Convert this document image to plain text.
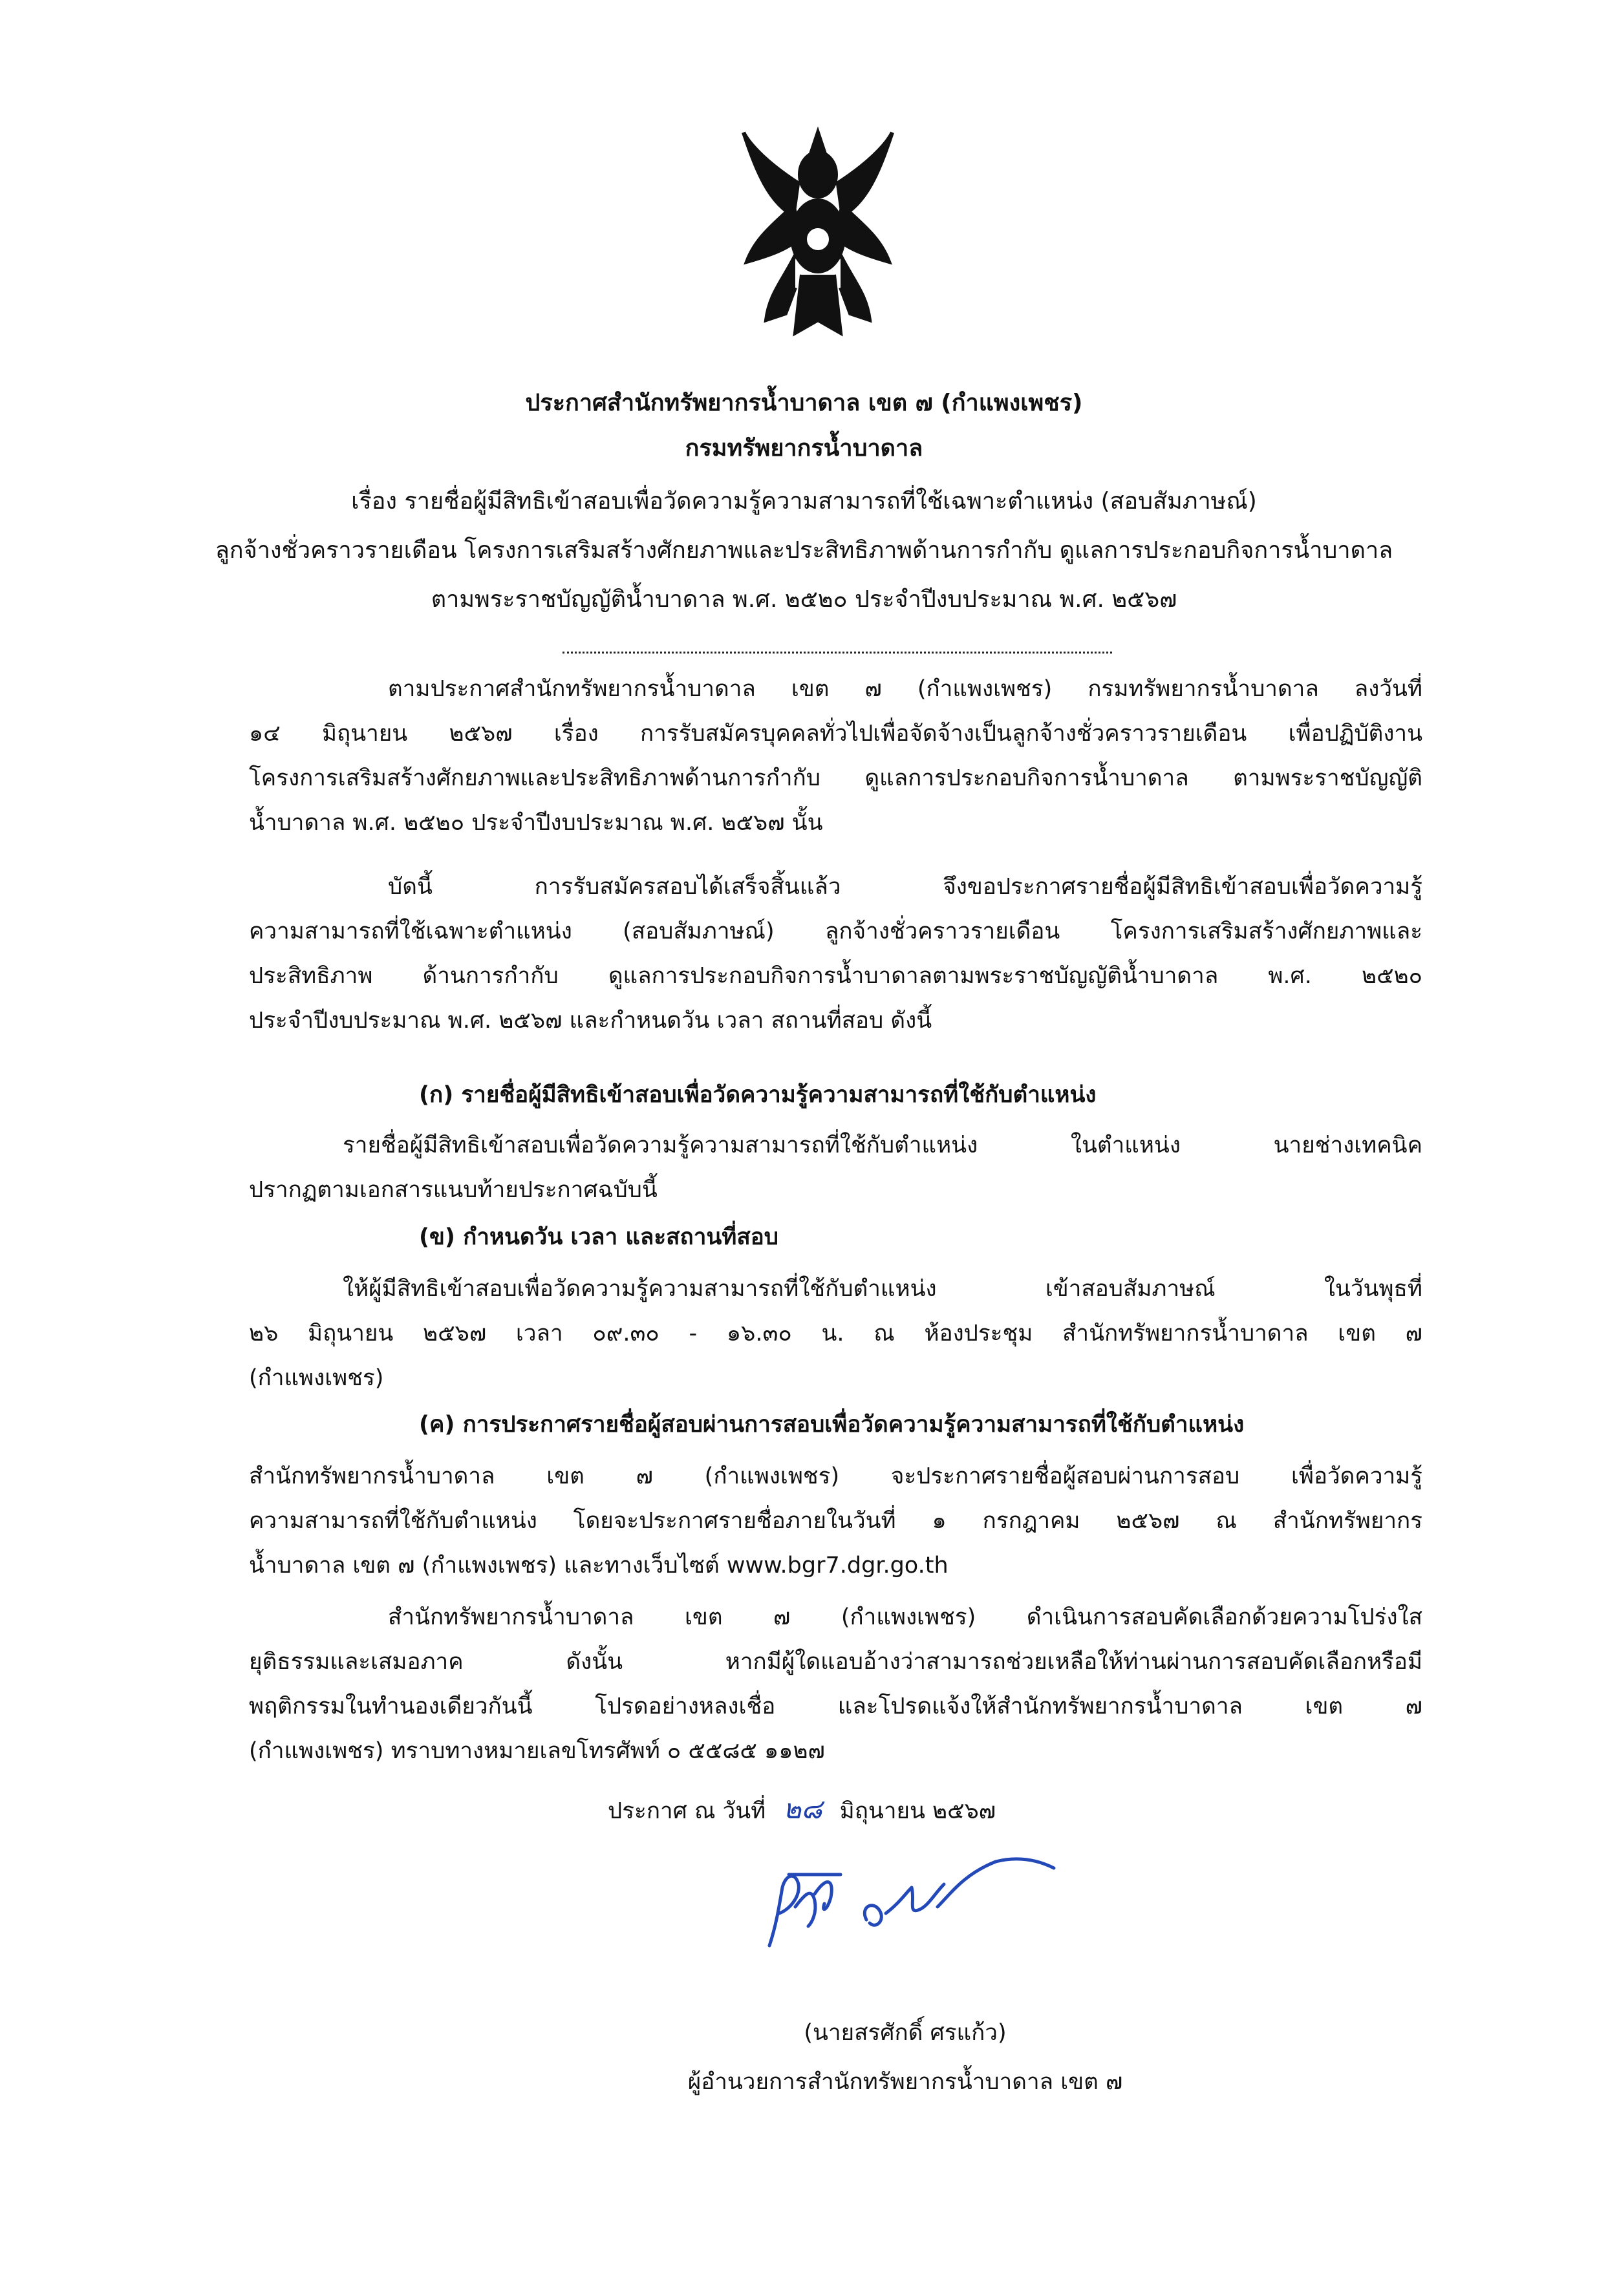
ประกาศสำนักทรัพยากรน้ำบาดาล เขต ๗ (กำแพงเพชร)
กรมทรัพยากรน้ำบาดาล
เรื่อง รายชื่อผู้มีสิทธิเข้าสอบเพื่อวัดความรู้ความสามารถที่ใช้เฉพาะตำแหน่ง (สอบสัมภาษณ์)
ลูกจ้างชั่วคราวรายเดือน โครงการเสริมสร้างศักยภาพและประสิทธิภาพด้านการกำกับ ดูแลการประกอบกิจการน้ำบาดาล
ตามพระราชบัญญัติน้ำบาดาล พ.ศ. ๒๕๒๐ ประจำปีงบประมาณ พ.ศ. ๒๕๖๗
ตามประกาศสำนักทรัพยากรน้ำบาดาล เขต ๗ (กำแพงเพชร) กรมทรัพยากรน้ำบาดาล ลงวันที่
๑๔ มิถุนายน ๒๕๖๗ เรื่อง การรับสมัครบุคคลทั่วไปเพื่อจัดจ้างเป็นลูกจ้างชั่วคราวรายเดือน เพื่อปฏิบัติงาน
โครงการเสริมสร้างศักยภาพและประสิทธิภาพด้านการกำกับ ดูแลการประกอบกิจการน้ำบาดาล ตามพระราชบัญญัติ
น้ำบาดาล พ.ศ. ๒๕๒๐ ประจำปีงบประมาณ พ.ศ. ๒๕๖๗ นั้น
บัดนี้ การรับสมัครสอบได้เสร็จสิ้นแล้ว จึงขอประกาศรายชื่อผู้มีสิทธิเข้าสอบเพื่อวัดความรู้
ความสามารถที่ใช้เฉพาะตำแหน่ง (สอบสัมภาษณ์) ลูกจ้างชั่วคราวรายเดือน โครงการเสริมสร้างศักยภาพและ
ประสิทธิภาพ ด้านการกำกับ ดูแลการประกอบกิจการน้ำบาดาลตามพระราชบัญญัติน้ำบาดาล พ.ศ. ๒๕๒๐
ประจำปีงบประมาณ พ.ศ. ๒๕๖๗ และกำหนดวัน เวลา สถานที่สอบ ดังนี้
(ก) รายชื่อผู้มีสิทธิเข้าสอบเพื่อวัดความรู้ความสามารถที่ใช้กับตำแหน่ง
รายชื่อผู้มีสิทธิเข้าสอบเพื่อวัดความรู้ความสามารถที่ใช้กับตำแหน่ง ในตำแหน่ง นายช่างเทคนิค
ปรากฏตามเอกสารแนบท้ายประกาศฉบับนี้
(ข) กำหนดวัน เวลา และสถานที่สอบ
ให้ผู้มีสิทธิเข้าสอบเพื่อวัดความรู้ความสามารถที่ใช้กับตำแหน่ง เข้าสอบสัมภาษณ์ ในวันพุธที่
๒๖ มิถุนายน ๒๕๖๗ เวลา ๐๙.๓๐ - ๑๖.๓๐ น. ณ ห้องประชุม สำนักทรัพยากรน้ำบาดาล เขต ๗
(กำแพงเพชร)
(ค) การประกาศรายชื่อผู้สอบผ่านการสอบเพื่อวัดความรู้ความสามารถที่ใช้กับตำแหน่ง
สำนักทรัพยากรน้ำบาดาล เขต ๗ (กำแพงเพชร) จะประกาศรายชื่อผู้สอบผ่านการสอบ เพื่อวัดความรู้
ความสามารถที่ใช้กับตำแหน่ง โดยจะประกาศรายชื่อภายในวันที่ ๑ กรกฎาคม ๒๕๖๗ ณ สำนักทรัพยากร
น้ำบาดาล เขต ๗ (กำแพงเพชร) และทางเว็บไซต์ www.bgr7.dgr.go.th
สำนักทรัพยากรน้ำบาดาล เขต ๗ (กำแพงเพชร) ดำเนินการสอบคัดเลือกด้วยความโปร่งใส
ยุติธรรมและเสมอภาค ดังนั้น หากมีผู้ใดแอบอ้างว่าสามารถช่วยเหลือให้ท่านผ่านการสอบคัดเลือกหรือมี
พฤติกรรมในทำนองเดียวกันนี้ โปรดอย่างหลงเชื่อ และโปรดแจ้งให้สำนักทรัพยากรน้ำบาดาล เขต ๗
(กำแพงเพชร) ทราบทางหมายเลขโทรศัพท์ ๐ ๕๕๘๕ ๑๑๒๗
ประกาศ ณ วันที่ ๒๘ มิถุนายน ๒๕๖๗
(นายสรศักดิ์ ศรแก้ว)
ผู้อำนวยการสำนักทรัพยากรน้ำบาดาล เขต ๗
